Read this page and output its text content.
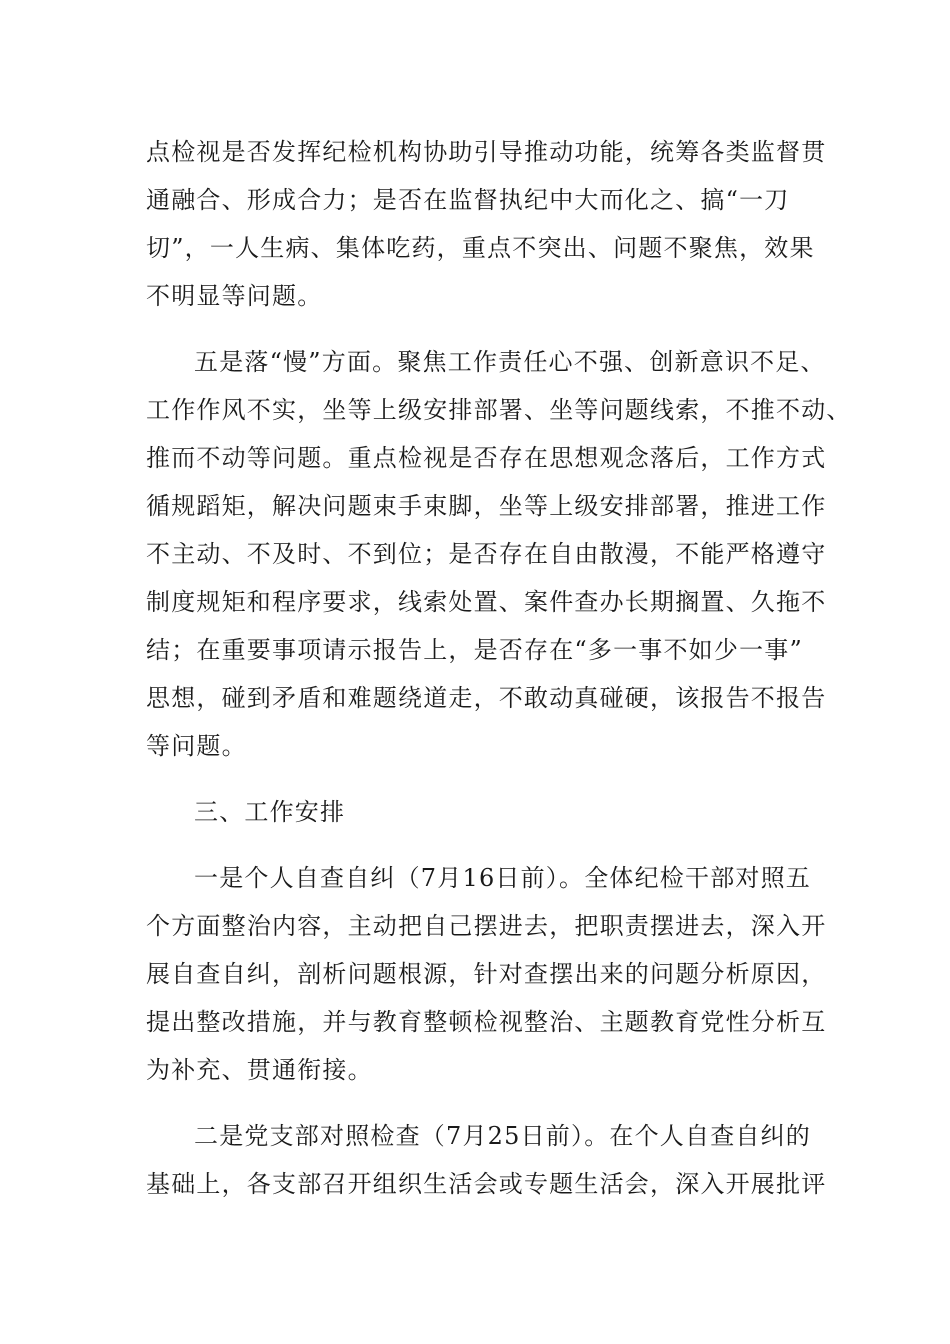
点检视是否发挥纪检机构协助引导推动功能，统筹各类监督贯
通融合、形成合力；是否在监督执纪中大而化之、搞“一刀
切”，一人生病、集体吃药，重点不突出、问题不聚焦，效果
不明显等问题。
五是落“慢”方面。聚焦工作责任心不强、创新意识不足、
工作作风不实，坐等上级安排部署、坐等问题线索，不推不动、
推而不动等问题。重点检视是否存在思想观念落后，工作方式
循规蹈矩，解决问题束手束脚，坐等上级安排部署，推进工作
不主动、不及时、不到位；是否存在自由散漫，不能严格遵守
制度规矩和程序要求，线索处置、案件查办长期搁置、久拖不
结；在重要事项请示报告上，是否存在“多一事不如少一事”
思想，碰到矛盾和难题绕道走，不敢动真碰硬，该报告不报告
等问题。
三、工作安排
一是个人自查自纠（7月16日前）。全体纪检干部对照五
个方面整治内容，主动把自己摆进去，把职责摆进去，深入开
展自查自纠，剖析问题根源，针对查摆出来的问题分析原因，
提出整改措施，并与教育整顿检视整治、主题教育党性分析互
为补充、贯通衔接。
二是党支部对照检查（7月25日前）。在个人自查自纠的
基础上，各支部召开组织生活会或专题生活会，深入开展批评
